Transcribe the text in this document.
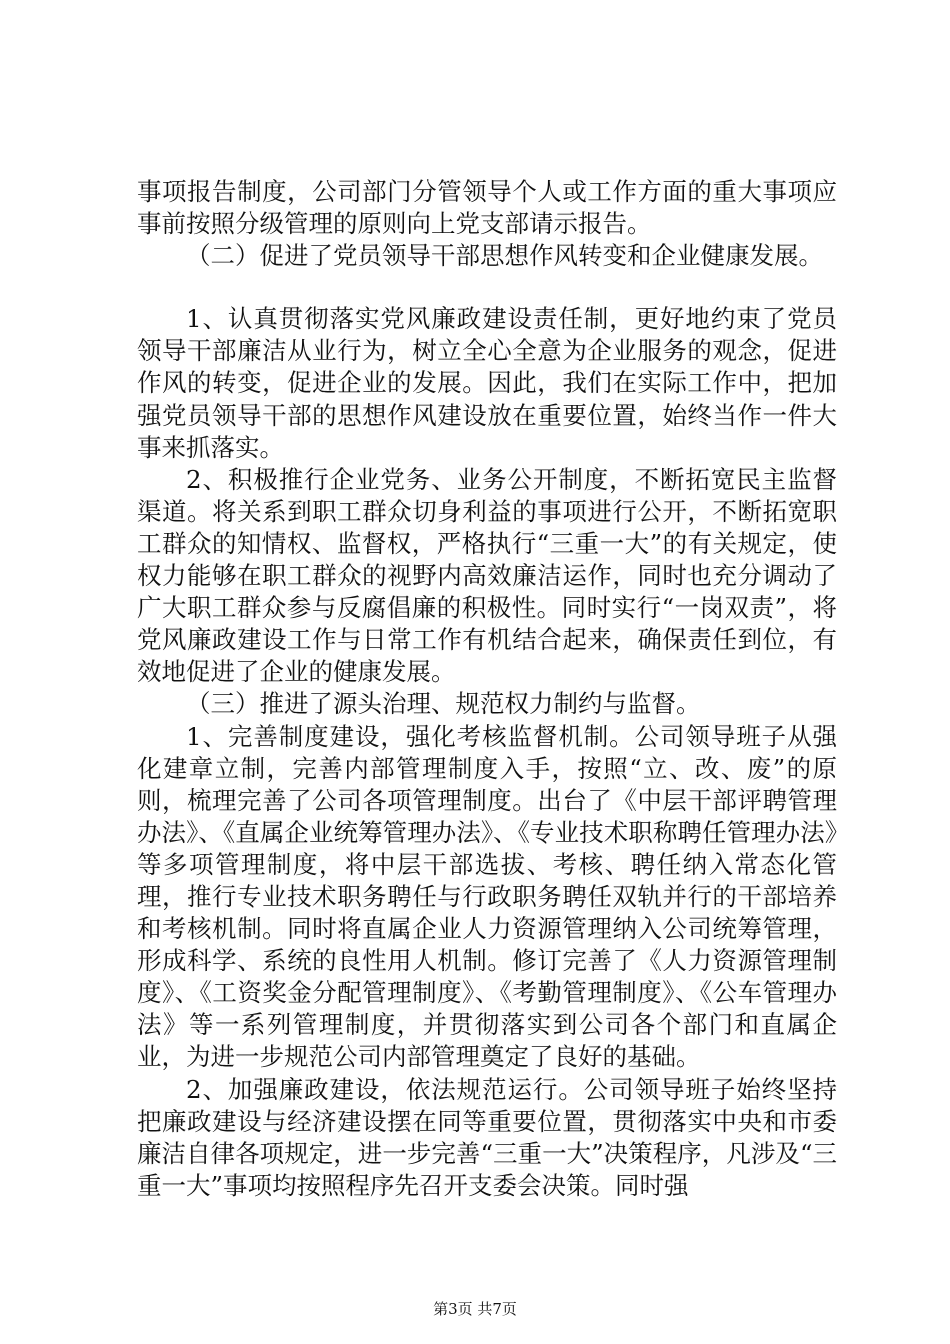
事项报告制度，公司部门分管领导个人或工作方面的重大事项应事前按照分级管理的原则向上党支部请示报告。

（二）促进了党员领导干部思想作风转变和企业健康发展。

1、认真贯彻落实党风廉政建设责任制，更好地约束了党员领导干部廉洁从业行为，树立全心全意为企业服务的观念，促进作风的转变，促进企业的发展。因此，我们在实际工作中，把加强党员领导干部的思想作风建设放在重要位置，始终当作一件大事来抓落实。

2、积极推行企业党务、业务公开制度，不断拓宽民主监督渠道。将关系到职工群众切身利益的事项进行公开，不断拓宽职工群众的知情权、监督权，严格执行“三重一大”的有关规定，使权力能够在职工群众的视野内高效廉洁运作，同时也充分调动了广大职工群众参与反腐倡廉的积极性。同时实行“一岗双责”，将党风廉政建设工作与日常工作有机结合起来，确保责任到位，有效地促进了企业的健康发展。

（三）推进了源头治理、规范权力制约与监督。

1、完善制度建设，强化考核监督机制。公司领导班子从强化建章立制，完善内部管理制度入手，按照“立、改、废”的原则，梳理完善了公司各项管理制度。出台了《中层干部评聘管理办法》、《直属企业统筹管理办法》、《专业技术职称聘任管理办法》等多项管理制度，将中层干部选拔、考核、聘任纳入常态化管理，推行专业技术职务聘任与行政职务聘任双轨并行的干部培养和考核机制。同时将直属企业人力资源管理纳入公司统筹管理，形成科学、系统的良性用人机制。修订完善了《人力资源管理制度》、《工资奖金分配管理制度》、《考勤管理制度》、《公车管理办法》等一系列管理制度，并贯彻落实到公司各个部门和直属企业，为进一步规范公司内部管理奠定了良好的基础。

2、加强廉政建设，依法规范运行。公司领导班子始终坚持把廉政建设与经济建设摆在同等重要位置，贯彻落实中央和市委廉洁自律各项规定，进一步完善“三重一大”决策程序，凡涉及“三重一大”事项均按照程序先召开支委会决策。同时强

第3页 共7页
